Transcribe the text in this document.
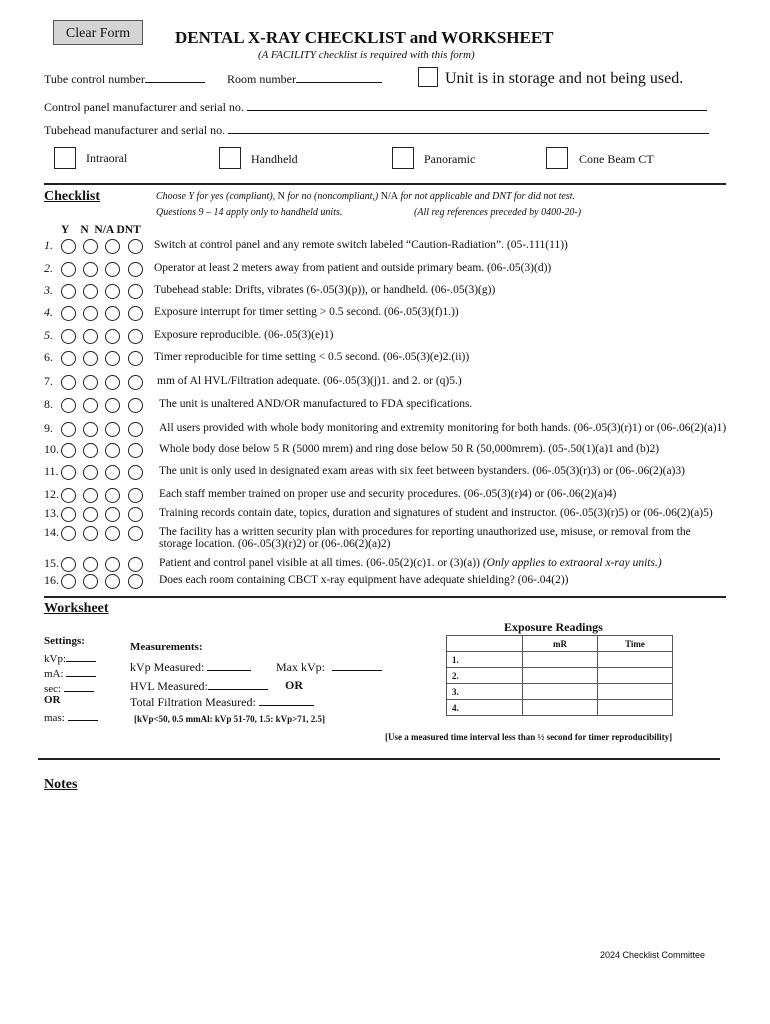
Clear Form	DENTAL X-RAY CHECKLIST and WORKSHEET
(A FACILITY checklist is required with this form)
Tube control number	Room number	Unit is in storage and not being used.
Control panel manufacturer and serial no.
Tubehead manufacturer and serial no.
Intraoral	Handheld	Panoramic	Cone Beam CT
Checklist	Choose Y for yes (compliant), N for no (noncompliant,) N/A for not applicable and DNT for did not test.
Questions 9 – 14 apply only to handheld units.	(All reg references preceded by 0400-20-)
Y    N  N/A DNT
1.	Switch at control panel and any remote switch labeled “Caution-Radiation”. (05-.111(11))
2.	Operator at least 2 meters away from patient and outside primary beam. (06-.05(3)(d))
3.	Tubehead stable: Drifts, vibrates (6-.05(3)(p)), or handheld. (06-.05(3)(g))
4.	Exposure interrupt for timer setting > 0.5 second. (06-.05(3)(f)1.))
5.	Exposure reproducible. (06-.05(3)(e)1)
6.	Timer reproducible for time setting < 0.5 second. (06-.05(3)(e)2.(ii))
7.	mm of Al HVL/Filtration adequate. (06-.05(3)(j)1. and 2. or (q)5.)
8.	The unit is unaltered AND/OR manufactured to FDA specifications.
9.	All users provided with whole body monitoring and extremity monitoring for both hands. (06-.05(3)(r)1) or (06-.06(2)(a)1)
10.	Whole body dose below 5 R (5000 mrem) and ring dose below 50 R (50,000mrem). (05-.50(1)(a)1 and (b)2)
11.	The unit is only used in designated exam areas with six feet between bystanders. (06-.05(3)(r)3) or (06-.06(2)(a)3)
12.	Each staff member trained on proper use and security procedures. (06-.05(3)(r)4) or (06-.06(2)(a)4)
13.	Training records contain date, topics, duration and signatures of student and instructor. (06-.05(3)(r)5) or (06-.06(2)(a)5)
14.	The facility has a written security plan with procedures for reporting unauthorized use, misuse, or removal from the
storage location. (06-.05(3)(r)2) or (06-.06(2)(a)2)
15.	Patient and control panel visible at all times. (06-.05(2)(c)1. or (3)(a)) (Only applies to extraoral x-ray units.)
16.	Does each room containing CBCT x-ray equipment have adequate shielding? (06-.04(2))
Worksheet
Settings:
kVp:
mA:
sec:
OR
mas:
Measurements:
kVp Measured:	Max kVp:
HVL Measured:	OR
Total Filtration Measured:
[kVp<50, 0.5 mmAl: kVp 51-70, 1.5: kVp>71, 2.5]
Exposure Readings
	mR	Time
1.		
2.		
3.		
4.		
[Use a measured time interval less than ½ second for timer reproducibility]
Notes
2024 Checklist Committee
